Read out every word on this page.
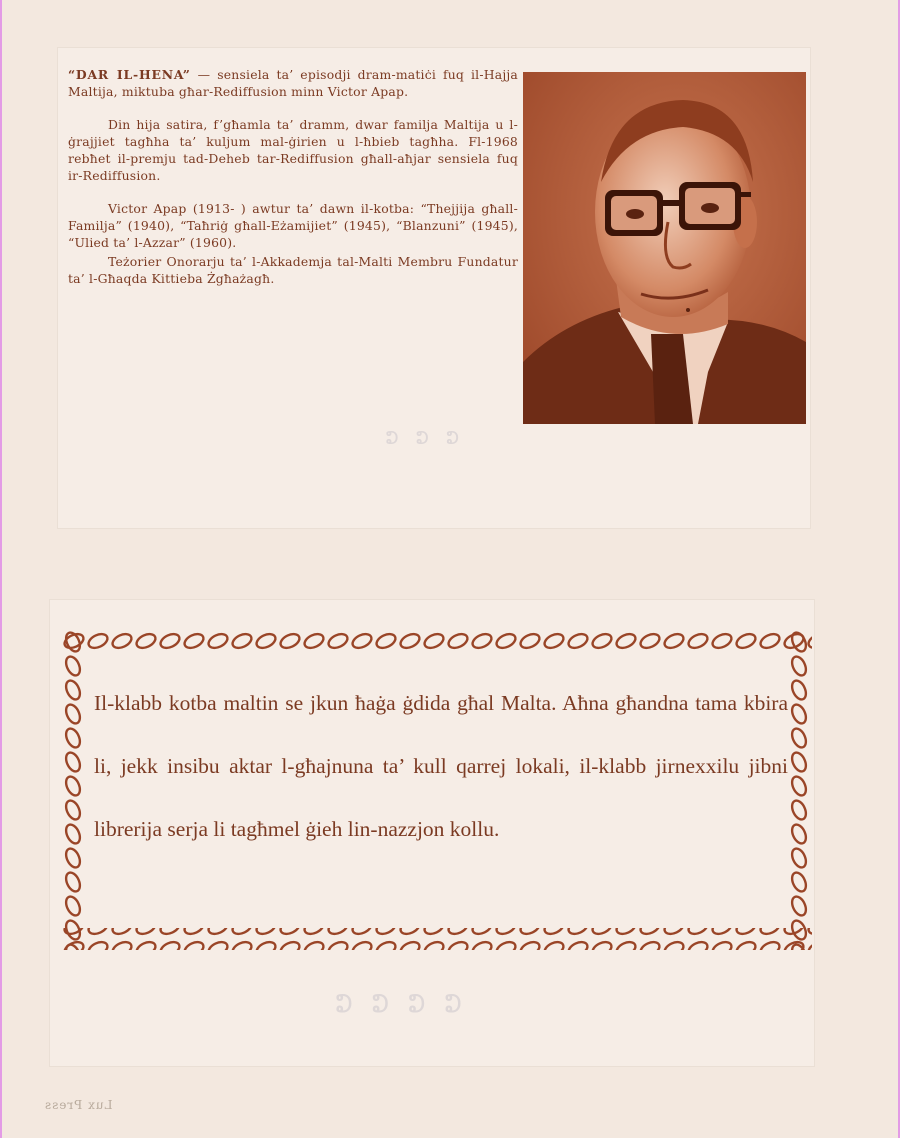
ⵛ ⵛ ⵛ
ⵛ ⵛ ⵛ ⵛ

“DAR IL-HENA” — sensiela ta’ episodji dram-matiċi fuq il-Hajja Maltija, miktuba għar-Rediffusion minn Victor Apap.

Din hija satira, f’għamla ta’ dramm, dwar familja Maltija u l-ġrajjiet tagħha ta’ kuljum mal-ġirien u l-ħbieb tagħha. Fl-1968 rebħet il-premju tad-Deheb tar-Rediffusion għall-aħjar sensiela fuq ir-Rediffusion.

Victor Apap (1913- ) awtur ta’ dawn il-kotba: “Thejjija għall-Familja” (1940), “Taħriġ għall-Eżamijiet” (1945), “Blanzuni” (1945), “Ulied ta’ l-Azzar” (1960).

Teżorier Onorarju ta’ l-Akkademja tal-Malti Membru Fundatur ta’ l-Għaqda Kittieba Żgħażagħ.

Il-klabb kotba maltin se jkun ħaġa ġdida għal Malta. Aħna għandna tama kbira li, jekk insibu aktar l-għajnuna ta’ kull qarrej lokali, il-klabb jirnexxilu jibni librerija serja li tagħmel ġieh lin-nazzjon kollu.

Lux Press
